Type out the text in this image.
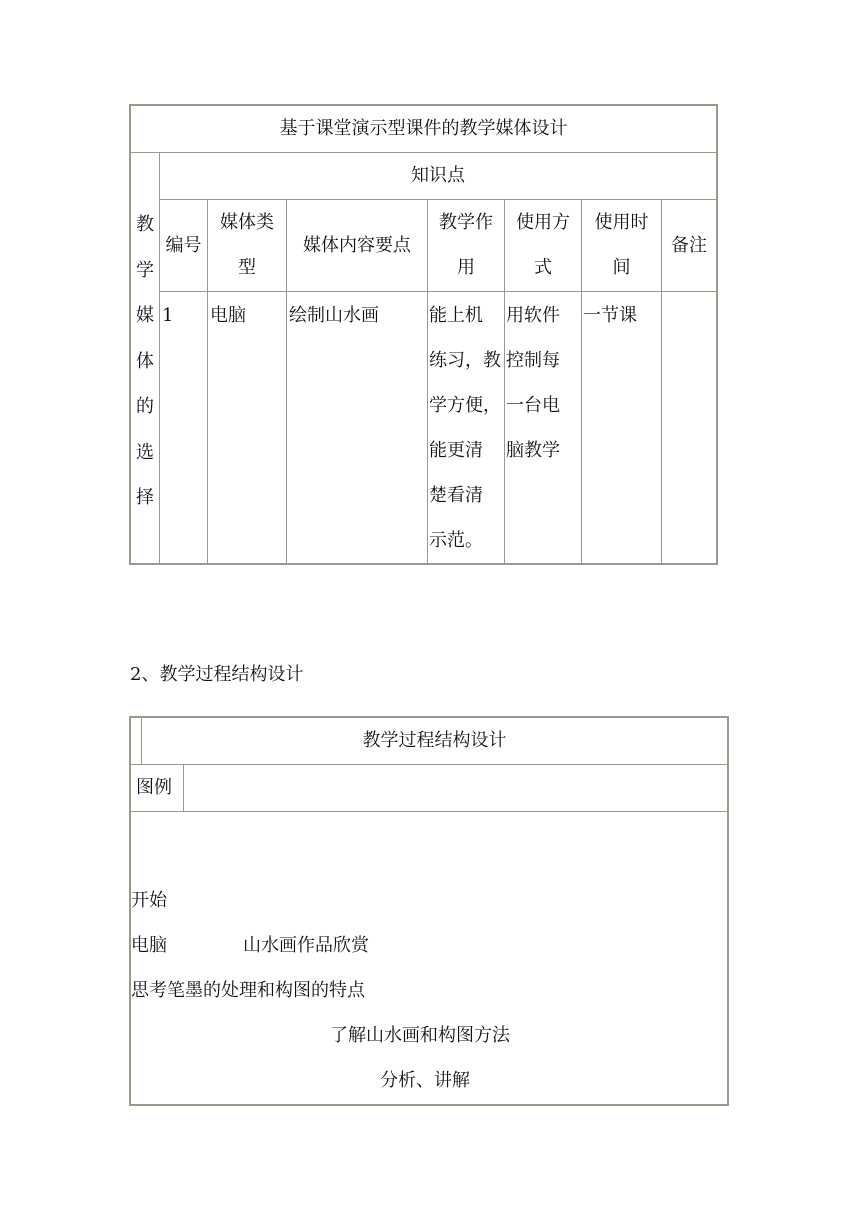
基于课堂演示型课件的教学媒体设计
教
学
媒
体
的
选
择
知识点
编号
媒体类
型
媒体内容要点
教学作
用
使用方
式
使用时
间
备注
1 电脑 绘制山水画	能上机
练习，教
学方便，
能更清
楚看清
示范。
用软件
控制每
一台电
脑教学
一节课
2、教学过程结构设计
教学过程结构设计
图例
开始
电脑	山水画作品欣赏
思考笔墨的处理和构图的特点
了解山水画和构图方法
分析、讲解
